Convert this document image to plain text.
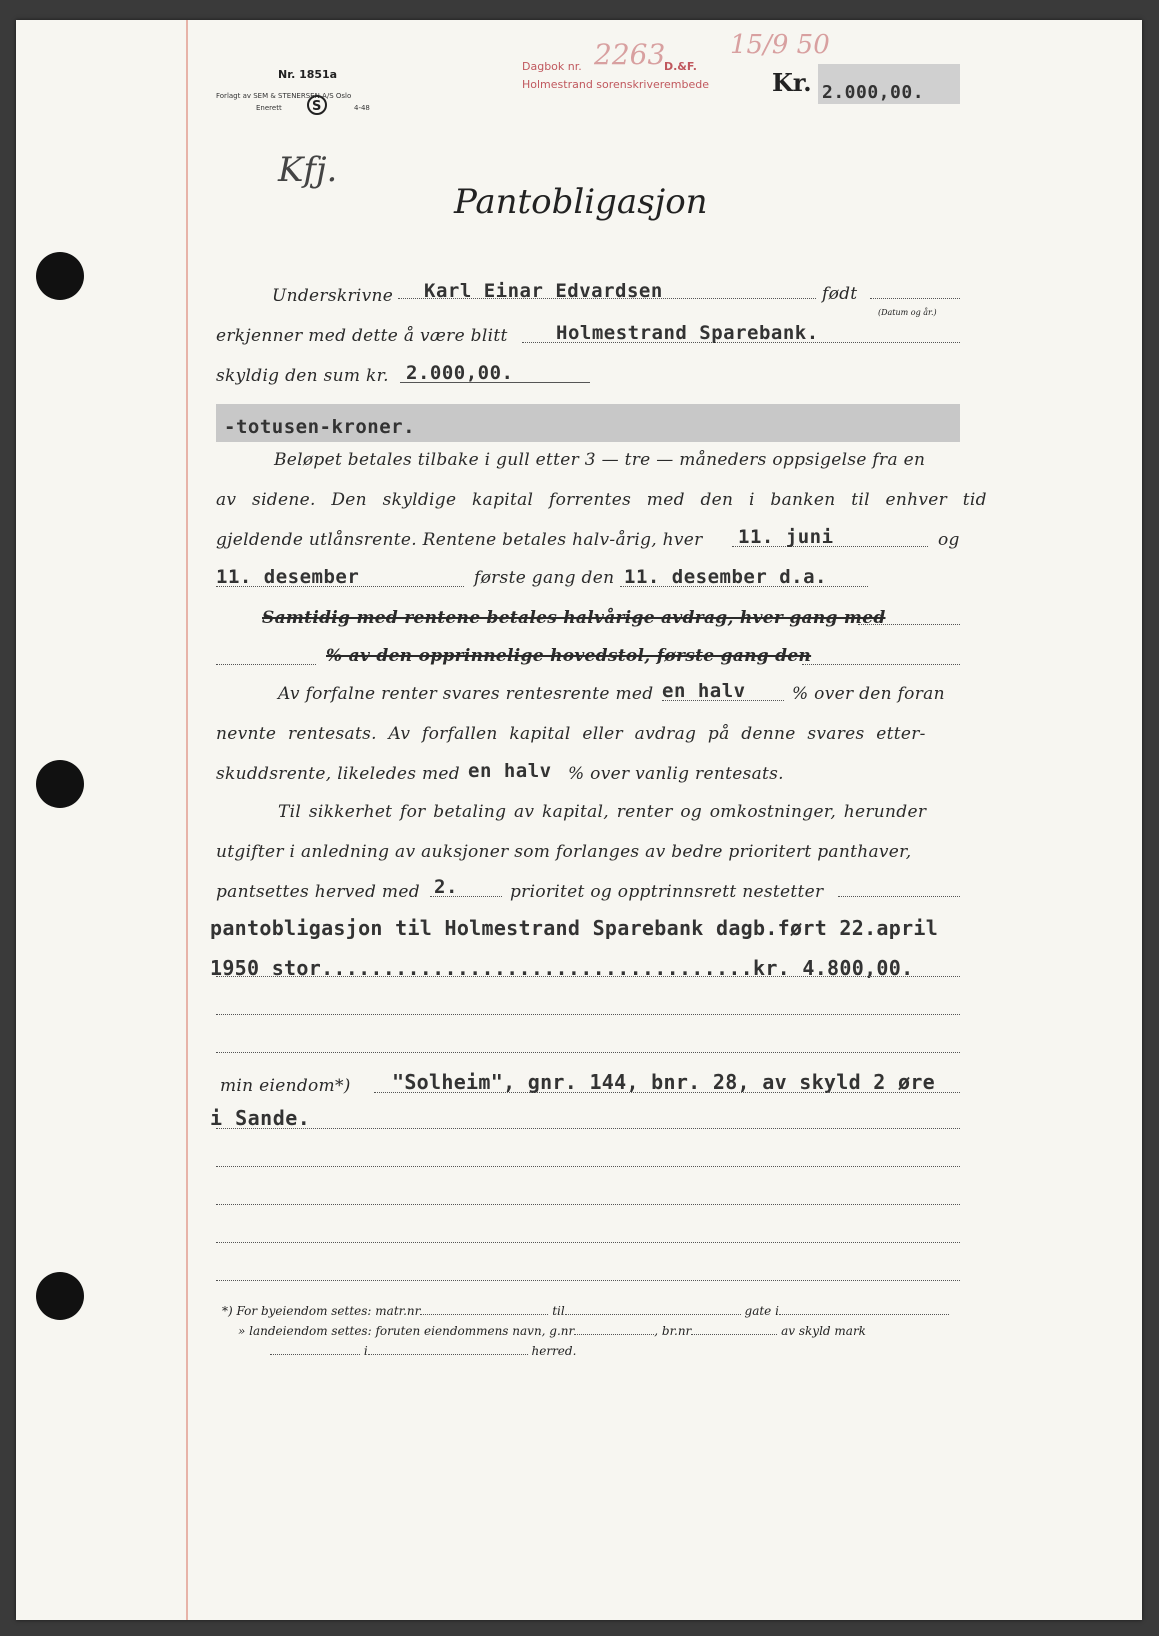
Nr. 1851a
Forlagt av SEM & STENERSEN A/S Oslo
Enerett	4-48
S
Dagbok nr.
Holmestrand sorenskriverembede
2263
D.&F.
15/9 50
Kr. 2.000,00.
Kfj.
Pantobligasjon
Underskrivne Karl Einar Edvardsen	født
(Datum og år.)
erkjenner med dette å være blitt	Holmestrand Sparebank.
skyldig den sum kr. 2.000,00.
-totusen-kroner.
Beløpet betales tilbake i gull etter 3 — tre — måneders oppsigelse fra en
av sidene. Den skyldige kapital forrentes med den i banken til enhver tid
gjeldende utlånsrente. Rentene betales halv-årig, hver 11. juni	og
11. desember	første gang den 11. desember d.a.
Samtidig med rentene betales halvårige avdrag, hver gang med
% av den opprinnelige hovedstol, første gang den
Av forfalne renter svares rentesrente med en halv	% over den foran
nevnte rentesats. Av forfallen kapital eller avdrag på denne svares etter-
skuddsrente, likeledes med en halv % over vanlig rentesats.
Til sikkerhet for betaling av kapital, renter og omkostninger, herunder
utgifter i anledning av auksjoner som forlanges av bedre prioritert panthaver,
pantsettes herved med 2.	prioritet og opptrinnsrett nestetter
pantobligasjon til Holmestrand Sparebank dagb.ført 22.april
1950 stor...................................kr. 4.800,00.
min eiendom*) "Solheim", gnr. 144, bnr. 28, av skyld 2 øre
i Sande.
*) For byeiendom settes: matr.nr	til	gate i
» landeiendom settes: foruten eiendommens navn, g.nr	, br.nr	av skyld mark
i	herred.
